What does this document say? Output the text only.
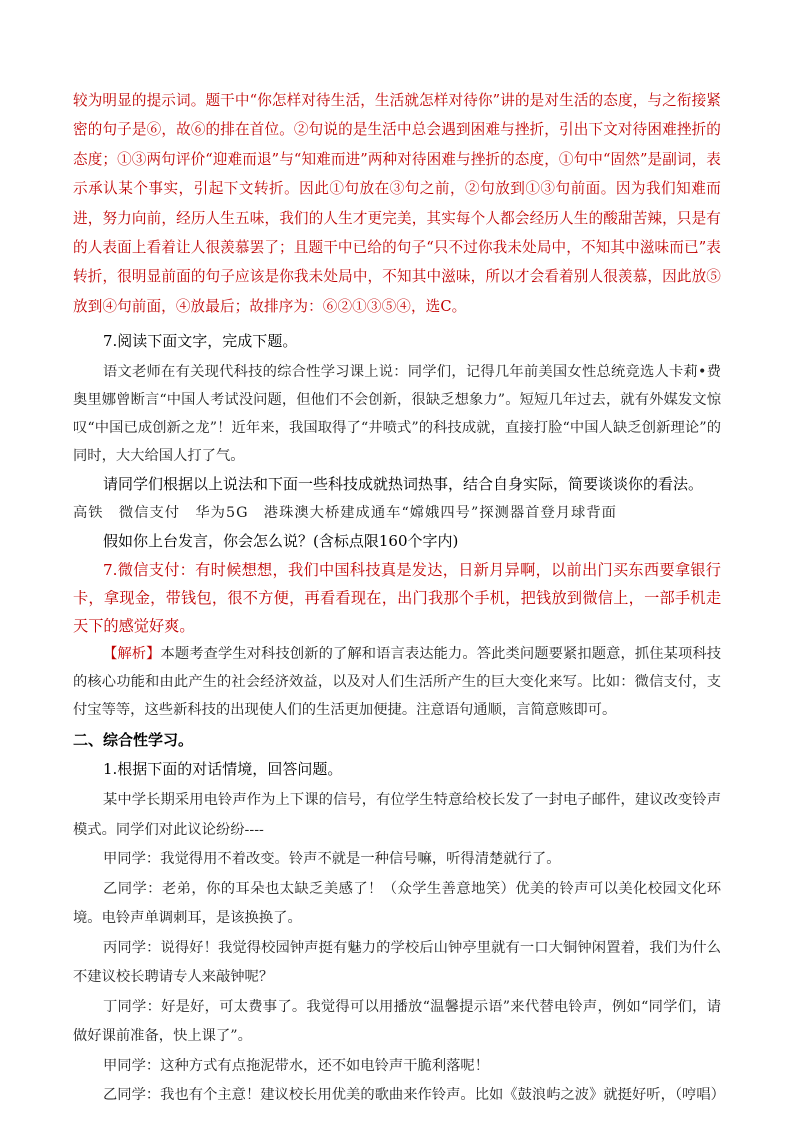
较为明显的提示词。题干中“你怎样对待生活，生活就怎样对待你”讲的是对生活的态度，与之衔接紧密的句子是⑥，故⑥的排在首位。②句说的是生活中总会遇到困难与挫折，引出下文对待困难挫折的态度；①③两句评价“迎难而退”与“知难而进”两种对待困难与挫折的态度，①句中“固然”是副词，表示承认某个事实，引起下文转折。因此①句放在③句之前，②句放到①③句前面。因为我们知难而进，努力向前，经历人生五味，我们的人生才更完美，其实每个人都会经历人生的酸甜苦辣，只是有的人表面上看着让人很羡慕罢了；且题干中已给的句子“只不过你我未处局中，不知其中滋味而已”表转折，很明显前面的句子应该是你我未处局中，不知其中滋味，所以才会看着别人很羡慕，因此放⑤放到④句前面，④放最后；故排序为：⑥②①③⑤④，选C。

7.阅读下面文字，完成下题。

语文老师在有关现代科技的综合性学习课上说：同学们，记得几年前美国女性总统竞选人卡莉•费奥里娜曾断言“中国人考试没问题，但他们不会创新，很缺乏想象力”。短短几年过去，就有外媒发文惊叹“中国已成创新之龙”！近年来，我国取得了“井喷式”的科技成就，直接打脸“中国人缺乏创新理论”的同时，大大给国人打了气。

请同学们根据以上说法和下面一些科技成就热词热事，结合自身实际，简要谈谈你的看法。

高铁　微信支付　华为5G　港珠澳大桥建成通车“嫦娥四号”探测器首登月球背面

假如你上台发言，你会怎么说？(含标点限160个字内)

7.微信支付：有时候想想，我们中国科技真是发达，日新月异啊，以前出门买东西要拿银行卡，拿现金，带钱包，很不方便，再看看现在，出门我那个手机，把钱放到微信上，一部手机走天下的感觉好爽。

【解析】本题考查学生对科技创新的了解和语言表达能力。答此类问题要紧扣题意，抓住某项科技的核心功能和由此产生的社会经济效益，以及对人们生活所产生的巨大变化来写。比如：微信支付，支付宝等等，这些新科技的出现使人们的生活更加便捷。注意语句通顺，言简意赅即可。

二、综合性学习。

1.根据下面的对话情境，回答问题。

某中学长期采用电铃声作为上下课的信号，有位学生特意给校长发了一封电子邮件，建议改变铃声模式。同学们对此议论纷纷----

甲同学：我觉得用不着改变。铃声不就是一种信号嘛，听得清楚就行了。

乙同学：老弟，你的耳朵也太缺乏美感了！（众学生善意地笑）优美的铃声可以美化校园文化环境。电铃声单调刺耳，是该换换了。

丙同学：说得好！我觉得校园钟声挺有魅力的学校后山钟亭里就有一口大铜钟闲置着，我们为什么不建议校长聘请专人来敲钟呢？

丁同学：好是好，可太费事了。我觉得可以用播放“温馨提示语”来代替电铃声，例如“同学们，请做好课前准备，快上课了”。

甲同学：这种方式有点拖泥带水，还不如电铃声干脆利落呢！

乙同学：我也有个主意！建议校长用优美的歌曲来作铃声。比如《鼓浪屿之波》就挺好听，（哼唱）
